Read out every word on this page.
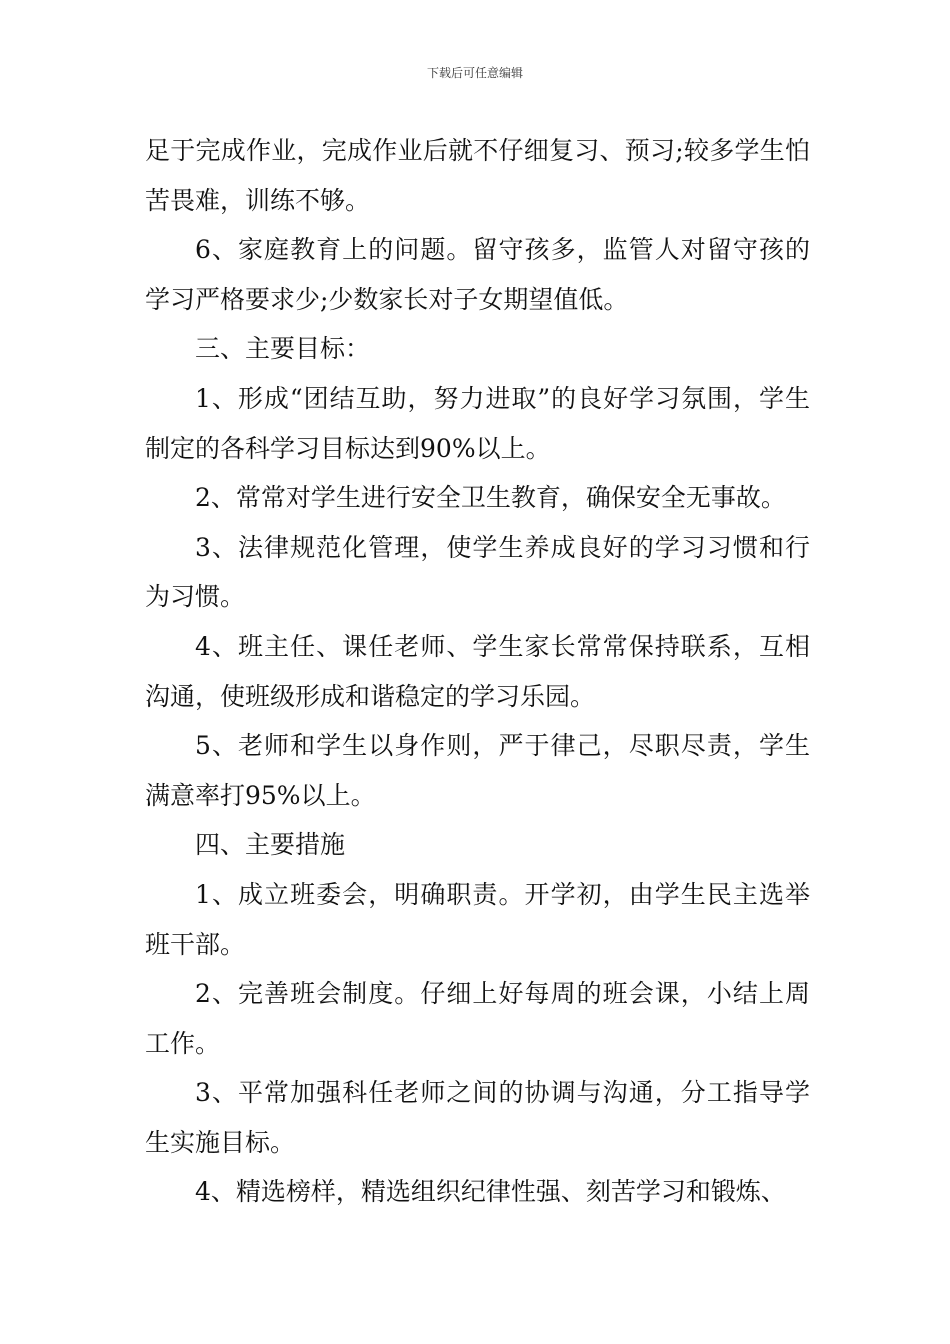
下载后可任意编辑

足于完成作业，完成作业后就不仔细复习、预习;较多学生怕苦畏难，训练不够。

6、家庭教育上的问题。留守孩多，监管人对留守孩的学习严格要求少;少数家长对子女期望值低。

三、主要目标：

1、形成“团结互助，努力进取”的良好学习氛围，学生制定的各科学习目标达到90%以上。

2、常常对学生进行安全卫生教育，确保安全无事故。

3、法律规范化管理，使学生养成良好的学习习惯和行为习惯。

4、班主任、课任老师、学生家长常常保持联系，互相沟通，使班级形成和谐稳定的学习乐园。

5、老师和学生以身作则，严于律己，尽职尽责，学生满意率打95%以上。

四、主要措施

1、成立班委会，明确职责。开学初，由学生民主选举班干部。

2、完善班会制度。仔细上好每周的班会课，小结上周工作。

3、平常加强科任老师之间的协调与沟通，分工指导学生实施目标。

4、精选榜样，精选组织纪律性强、刻苦学习和锻炼、
